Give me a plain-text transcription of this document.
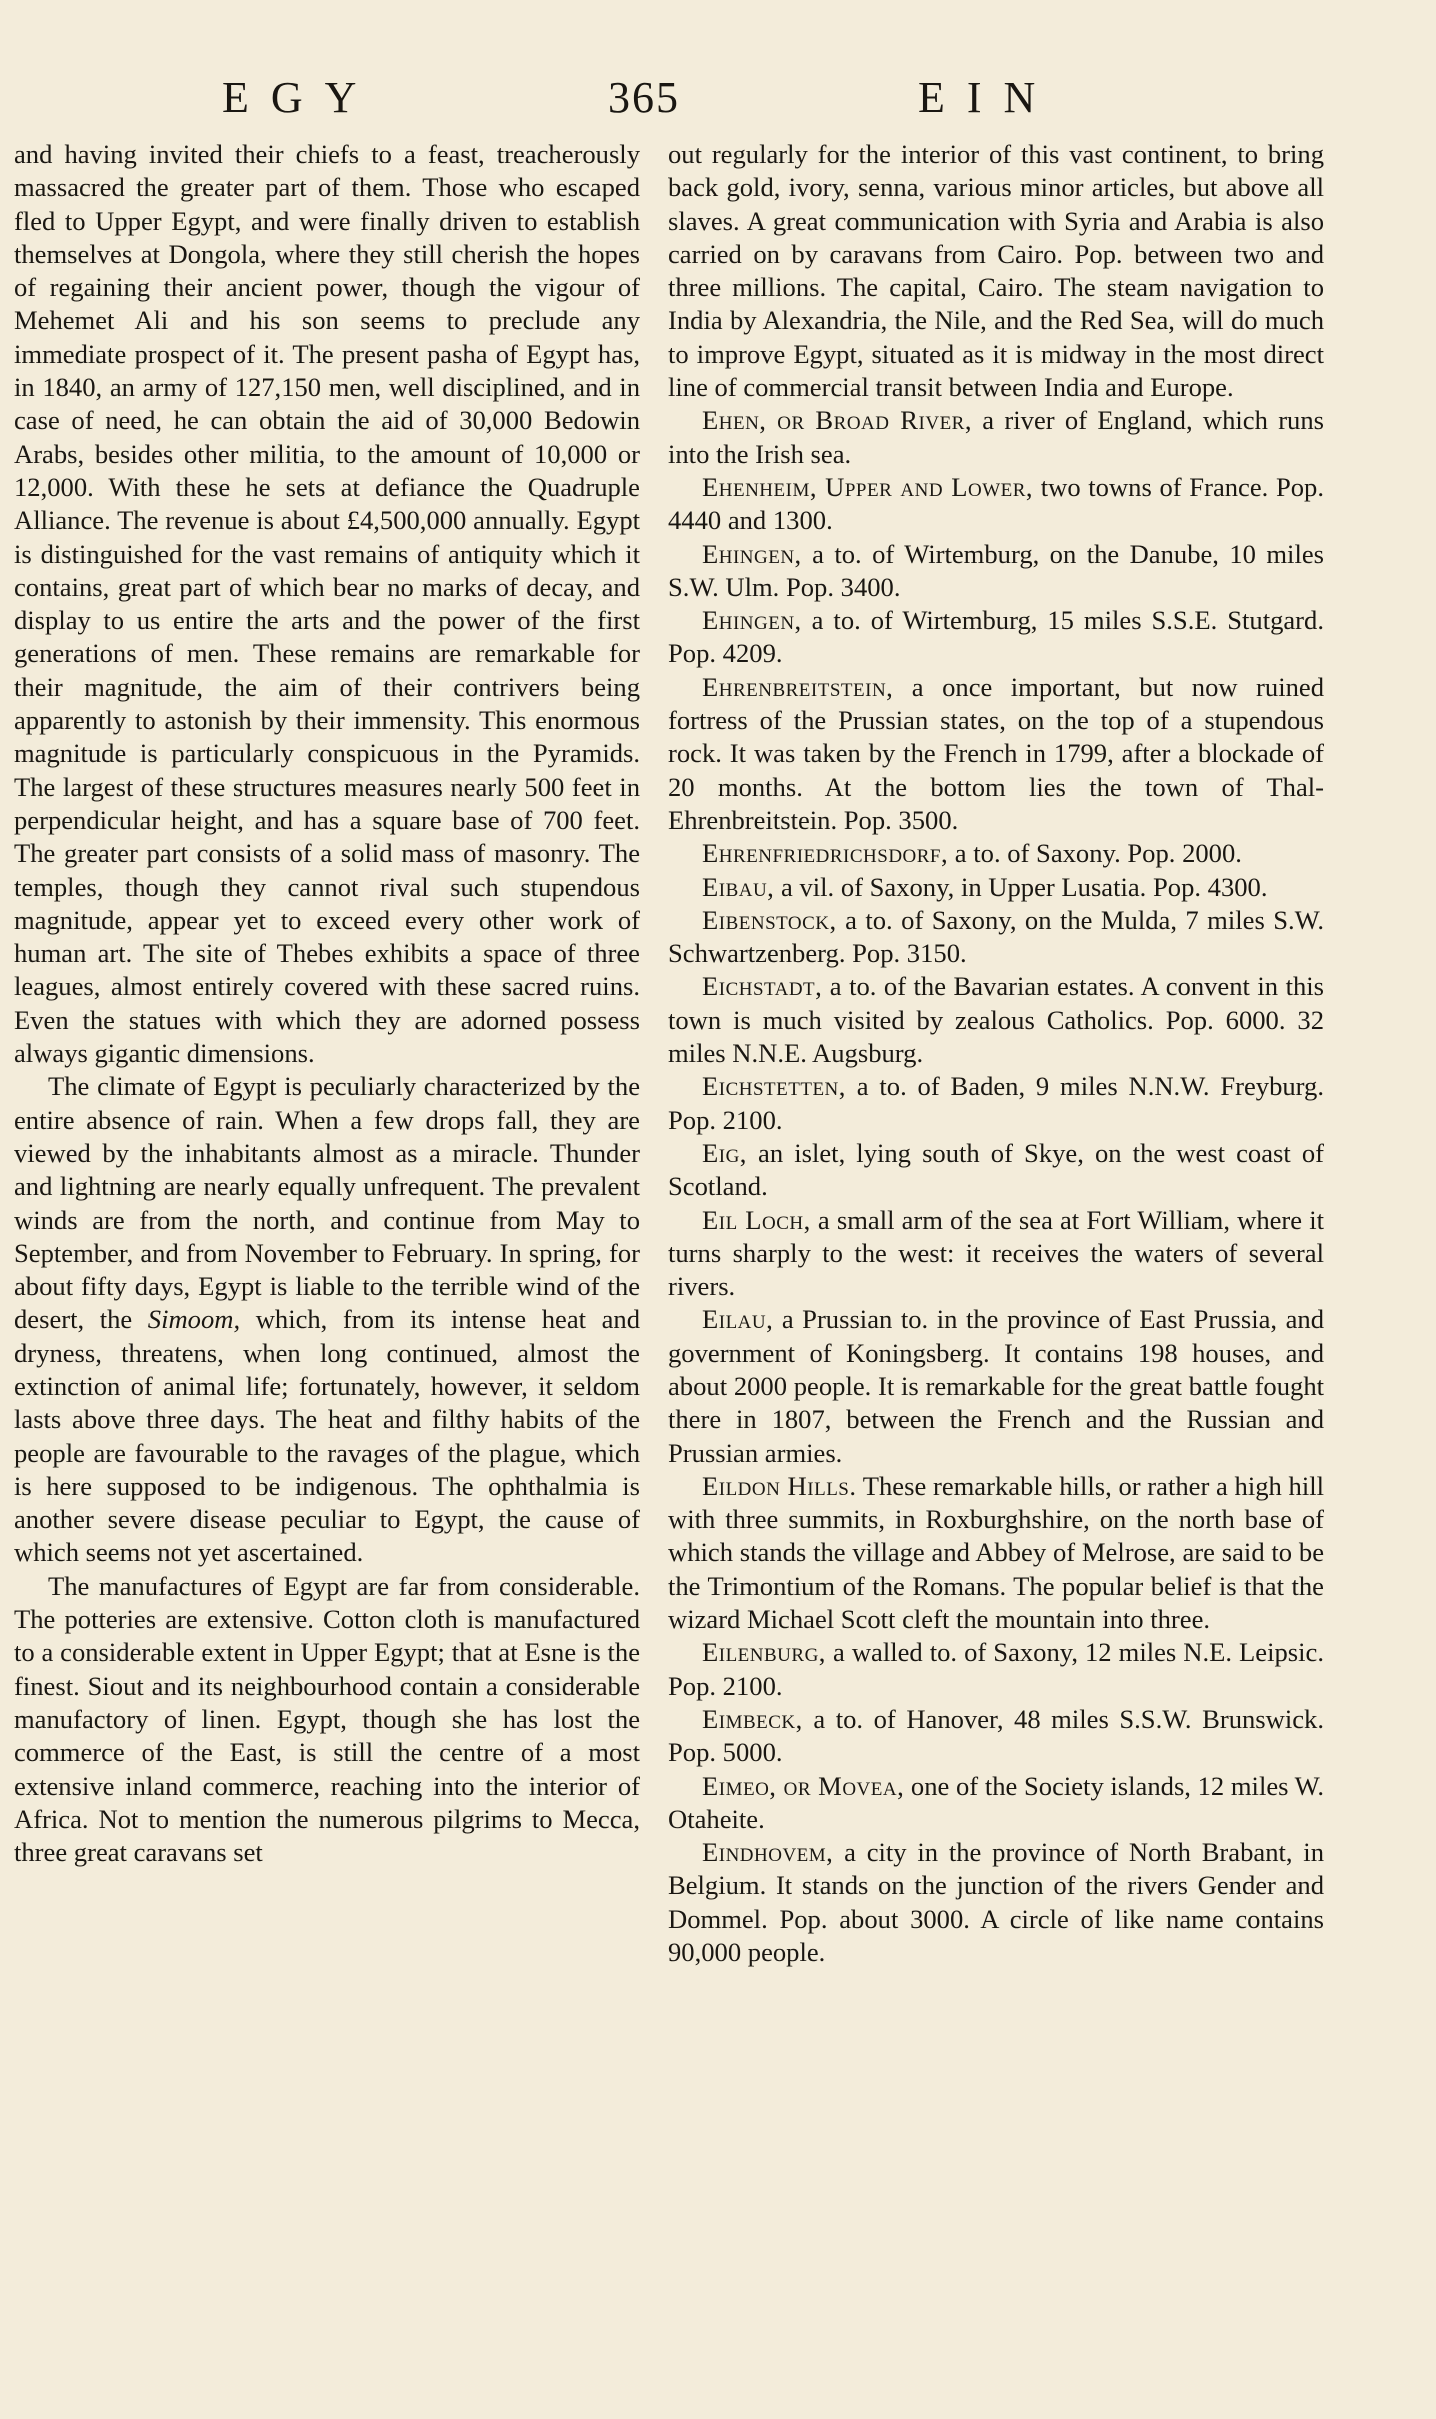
EGY	365	EIN

and having invited their chiefs to a feast, treacherously massacred the greater part of them. Those who escaped fled to Upper Egypt, and were finally driven to establish themselves at Dongola, where they still cherish the hopes of regaining their ancient power, though the vigour of Mehemet Ali and his son seems to preclude any immediate prospect of it. The present pasha of Egypt has, in 1840, an army of 127,150 men, well disciplined, and in case of need, he can obtain the aid of 30,000 Bedowin Arabs, besides other militia, to the amount of 10,000 or 12,000. With these he sets at defiance the Quadruple Alliance. The revenue is about £4,500,000 annually. Egypt is distinguished for the vast remains of antiquity which it contains, great part of which bear no marks of decay, and display to us entire the arts and the power of the first generations of men. These remains are remarkable for their magnitude, the aim of their contrivers being apparently to astonish by their immensity. This enormous magnitude is particularly conspicuous in the Pyramids. The largest of these structures measures nearly 500 feet in perpendicular height, and has a square base of 700 feet. The greater part consists of a solid mass of masonry. The temples, though they cannot rival such stupendous magnitude, appear yet to exceed every other work of human art. The site of Thebes exhibits a space of three leagues, almost entirely covered with these sacred ruins. Even the statues with which they are adorned possess always gigantic dimensions.

The climate of Egypt is peculiarly characterized by the entire absence of rain. When a few drops fall, they are viewed by the inhabitants almost as a miracle. Thunder and lightning are nearly equally unfrequent. The prevalent winds are from the north, and continue from May to September, and from November to February. In spring, for about fifty days, Egypt is liable to the terrible wind of the desert, the Simoom, which, from its intense heat and dryness, threatens, when long continued, almost the extinction of animal life; fortunately, however, it seldom lasts above three days. The heat and filthy habits of the people are favourable to the ravages of the plague, which is here supposed to be indigenous. The ophthalmia is another severe disease peculiar to Egypt, the cause of which seems not yet ascertained.

The manufactures of Egypt are far from considerable. The potteries are extensive. Cotton cloth is manufactured to a considerable extent in Upper Egypt; that at Esne is the finest. Siout and its neighbourhood contain a considerable manufactory of linen. Egypt, though she has lost the commerce of the East, is still the centre of a most extensive inland commerce, reaching into the interior of Africa. Not to mention the numerous pilgrims to Mecca, three great caravans set

out regularly for the interior of this vast continent, to bring back gold, ivory, senna, various minor articles, but above all slaves. A great communication with Syria and Arabia is also carried on by caravans from Cairo. Pop. between two and three millions. The capital, Cairo. The steam navigation to India by Alexandria, the Nile, and the Red Sea, will do much to improve Egypt, situated as it is midway in the most direct line of commercial transit between India and Europe.

Ehen, or Broad River, a river of England, which runs into the Irish sea.

Ehenheim, Upper and Lower, two towns of France. Pop. 4440 and 1300.

Ehingen, a to. of Wirtemburg, on the Danube, 10 miles S.W. Ulm. Pop. 3400.

Ehingen, a to. of Wirtemburg, 15 miles S.S.E. Stutgard. Pop. 4209.

Ehrenbreitstein, a once important, but now ruined fortress of the Prussian states, on the top of a stupendous rock. It was taken by the French in 1799, after a blockade of 20 months. At the bottom lies the town of Thal-Ehrenbreitstein. Pop. 3500.

Ehrenfriedrichsdorf, a to. of Saxony. Pop. 2000.

Eibau, a vil. of Saxony, in Upper Lusatia. Pop. 4300.

Eibenstock, a to. of Saxony, on the Mulda, 7 miles S.W. Schwartzenberg. Pop. 3150.

Eichstadt, a to. of the Bavarian estates. A convent in this town is much visited by zealous Catholics. Pop. 6000. 32 miles N.N.E. Augsburg.

Eichstetten, a to. of Baden, 9 miles N.N.W. Freyburg. Pop. 2100.

Eig, an islet, lying south of Skye, on the west coast of Scotland.

Eil Loch, a small arm of the sea at Fort William, where it turns sharply to the west: it receives the waters of several rivers.

Eilau, a Prussian to. in the province of East Prussia, and government of Koningsberg. It contains 198 houses, and about 2000 people. It is remarkable for the great battle fought there in 1807, between the French and the Russian and Prussian armies.

Eildon Hills. These remarkable hills, or rather a high hill with three summits, in Roxburghshire, on the north base of which stands the village and Abbey of Melrose, are said to be the Trimontium of the Romans. The popular belief is that the wizard Michael Scott cleft the mountain into three.

Eilenburg, a walled to. of Saxony, 12 miles N.E. Leipsic. Pop. 2100.

Eimbeck, a to. of Hanover, 48 miles S.S.W. Brunswick. Pop. 5000.

Eimeo, or Movea, one of the Society islands, 12 miles W. Otaheite.

Eindhovem, a city in the province of North Brabant, in Belgium. It stands on the junction of the rivers Gender and Dommel. Pop. about 3000. A circle of like name contains 90,000 people.
